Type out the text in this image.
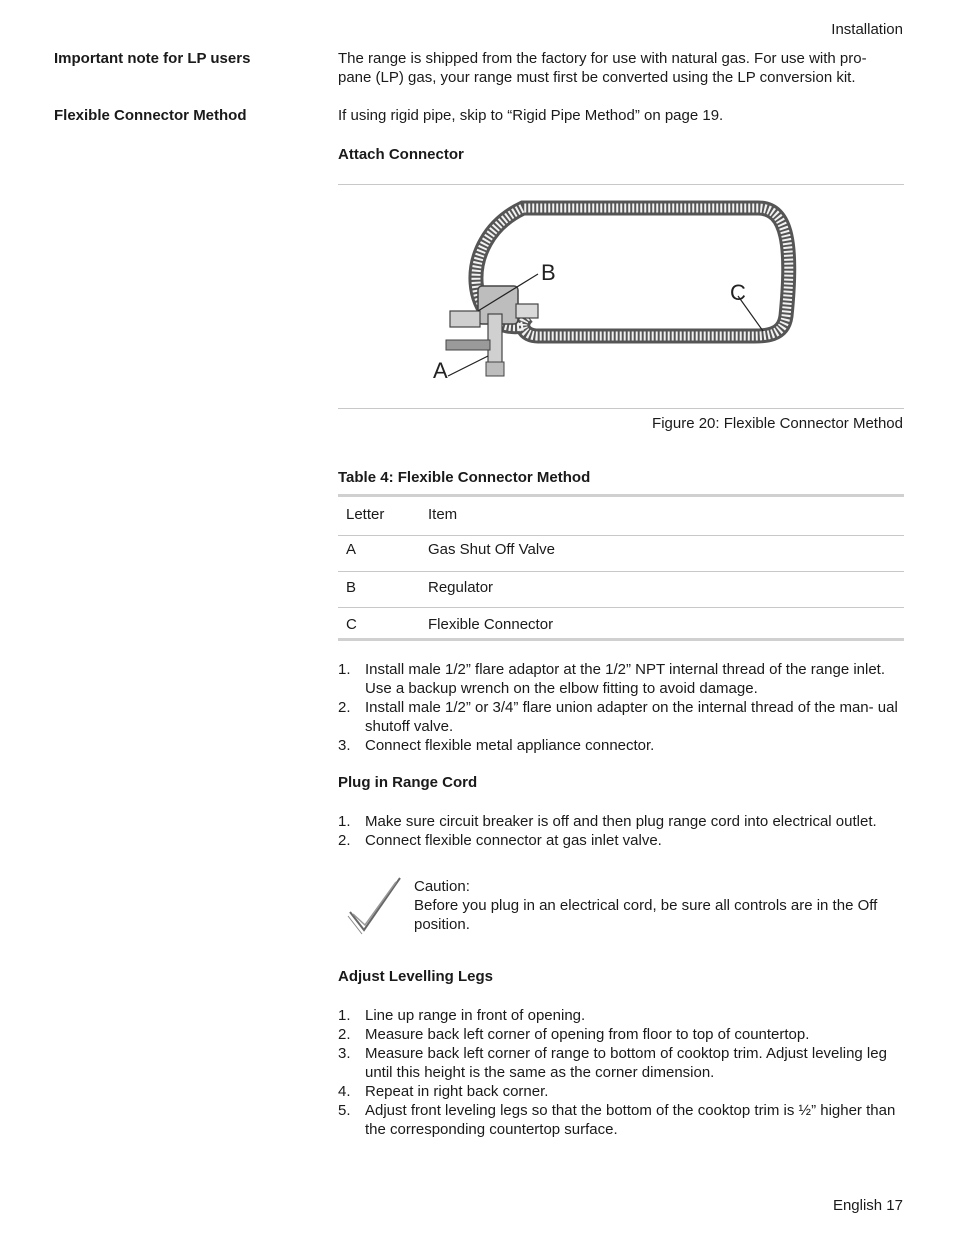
Installation
Important note for LP users	The range is shipped from the factory for use with natural gas. For use with pro- pane (LP) gas, your range must first be converted using the LP conversion kit.
Flexible Connector Method	If using rigid pipe, skip to “Rigid Pipe Method” on page 19.
Attach Connector
B
C
A
Figure 20: Flexible Connector Method
Table 4: Flexible Connector Method
Letter	Item
A	Gas Shut Off Valve
B	Regulator
C	Flexible Connector
1. Install male 1/2” flare adaptor at the 1/2” NPT internal thread of the range inlet. Use a backup wrench on the elbow fitting to avoid damage.
2. Install male 1/2” or 3/4” flare union adapter on the internal thread of the man- ual shutoff valve.
3. Connect flexible metal appliance connector.
Plug in Range Cord
1. Make sure circuit breaker is off and then plug range cord into electrical outlet.
2. Connect flexible connector at gas inlet valve.
Caution:
Before you plug in an electrical cord, be sure all controls are in the Off position.
Adjust Levelling Legs
1. Line up range in front of opening.
2. Measure back left corner of opening from floor to top of countertop.
3. Measure back left corner of range to bottom of cooktop trim. Adjust leveling leg until this height is the same as the corner dimension.
4. Repeat in right back corner.
5. Adjust front leveling legs so that the bottom of the cooktop trim is ½” higher than the corresponding countertop surface.
English 17
